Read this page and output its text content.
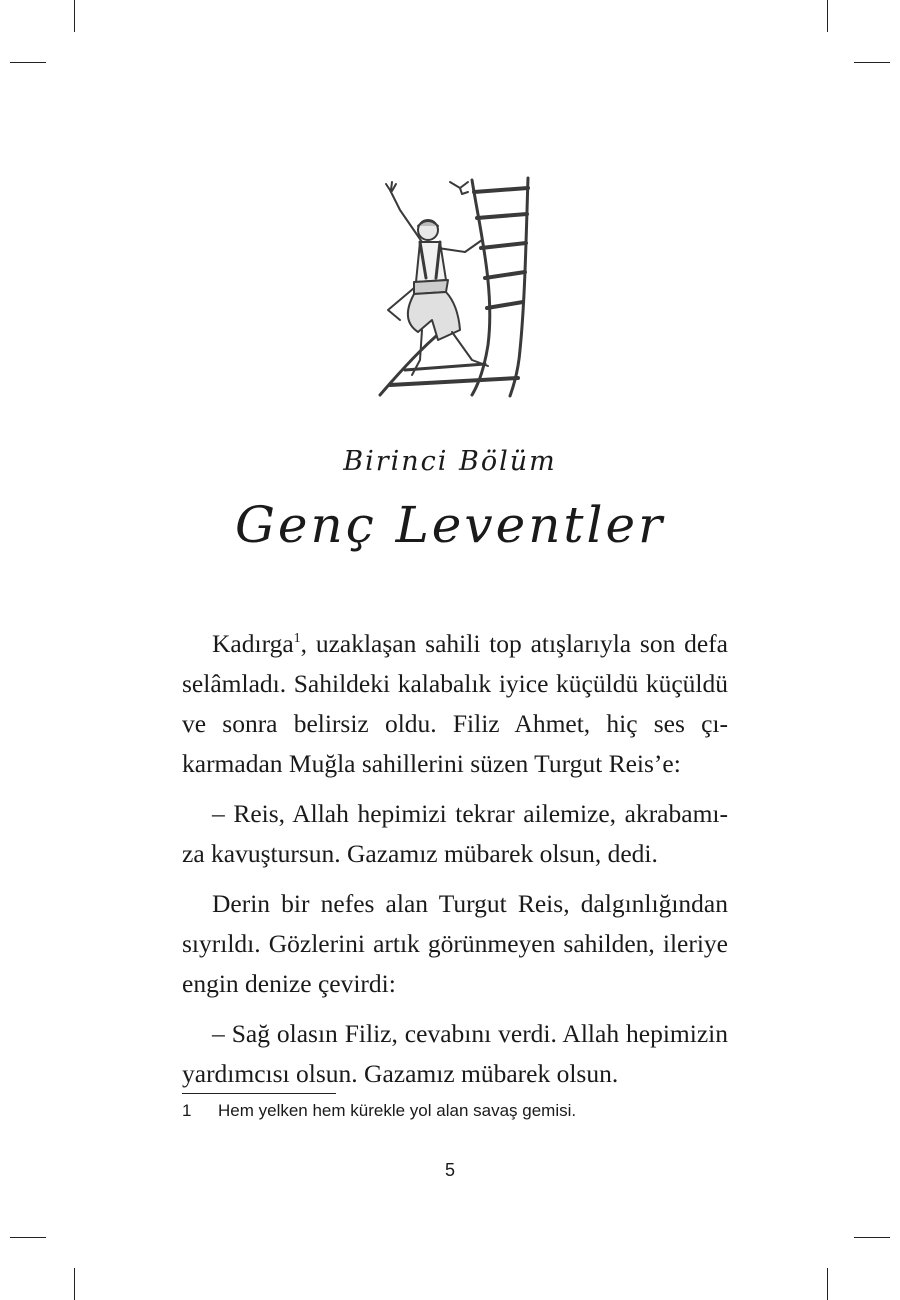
Birinci Bölüm
Genç Leventler

Kadırga$^1$, uzaklaşan sahili top atışlarıyla son defa selâmladı. Sahildeki kalabalık iyice küçüldü küçüldü ve sonra belirsiz oldu. Filiz Ahmet, hiç ses çıkarmadan Muğla sahillerini süzen Turgut Reis’e:

– Reis, Allah hepimizi tekrar ailemize, akrabamıza kavuştursun. Gazamız mübarek olsun, dedi.

Derin bir nefes alan Turgut Reis, dalgınlığından sıyrıldı. Gözlerini artık görünmeyen sahilden, ileriye engin denize çevirdi:

– Sağ olasın Filiz, cevabını verdi. Allah hepimizin yardımcısı olsun. Gazamız mübarek olsun.

1 Hem yelken hem kürekle yol alan savaş gemisi.
5
